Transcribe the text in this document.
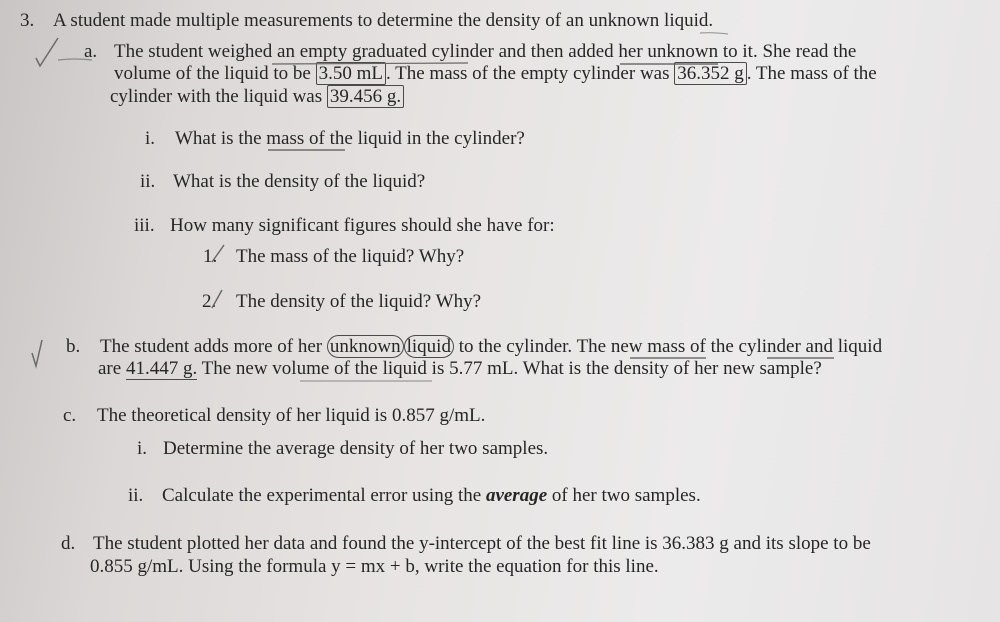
3. A student made multiple measurements to determine the density of an unknown liquid.
a. The student weighed an empty graduated cylinder and then added her unknown to it. She read the
volume of the liquid to be 3.50 mL . The mass of the empty cylinder was 36.352 g . The mass of the
cylinder with the liquid was 39.456 g.
i. What is the mass of the liquid in the cylinder?
ii. What is the density of the liquid?
iii. How many significant figures should she have for:
1. The mass of the liquid? Why?
2. The density of the liquid? Why?
b. The student adds more of her unknown liquid to the cylinder. The new mass of the cylinder and liquid
are 41.447 g. The new volume of the liquid is 5.77 mL. What is the density of her new sample?
c. The theoretical density of her liquid is 0.857 g/mL.
i. Determine the average density of her two samples.
ii. Calculate the experimental error using the average of her two samples.
d. The student plotted her data and found the y-intercept of the best fit line is 36.383 g and its slope to be
0.855 g/mL. Using the formula y = mx + b, write the equation for this line.
